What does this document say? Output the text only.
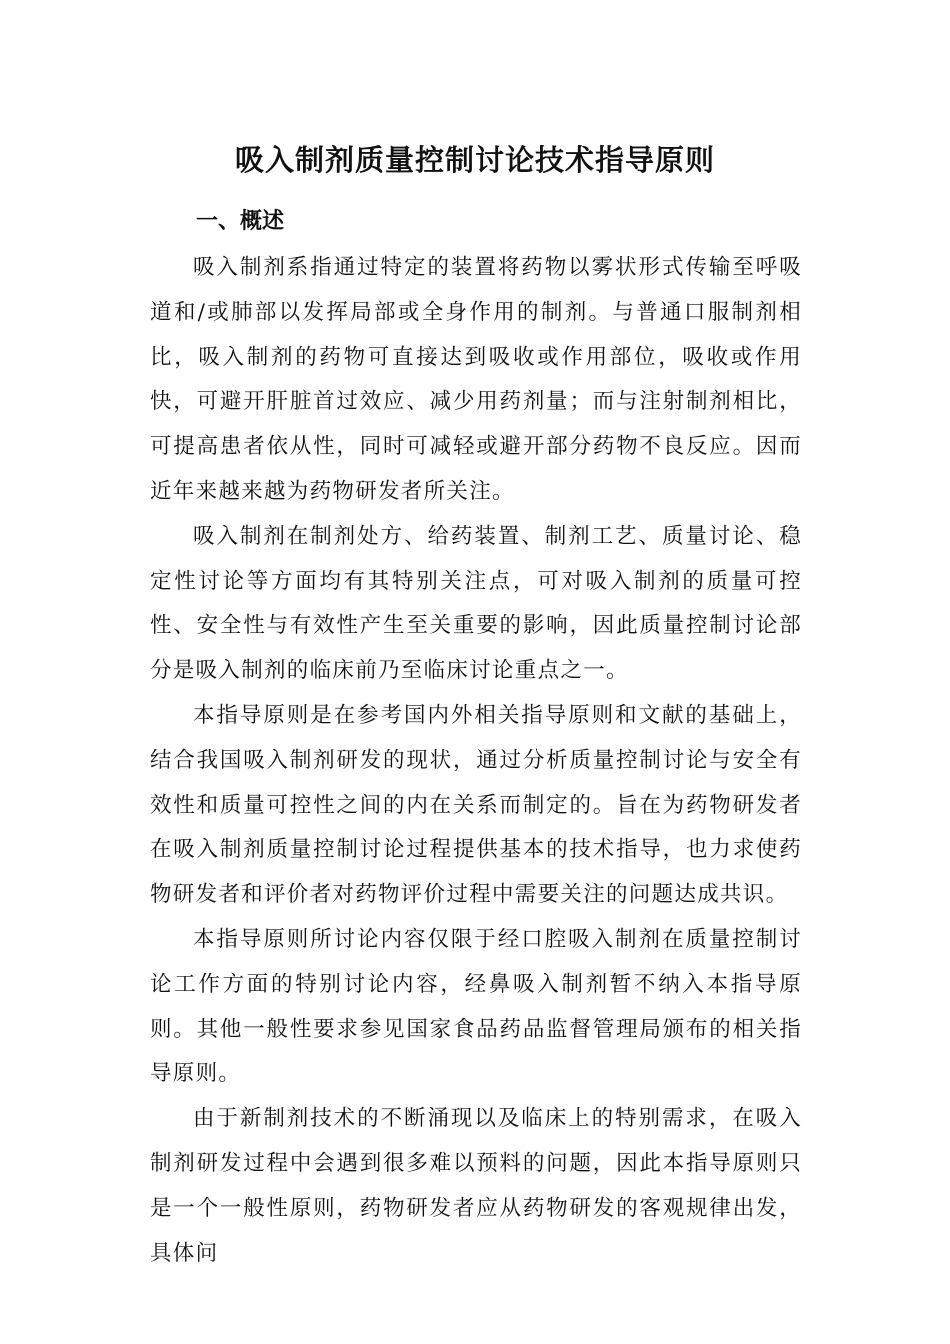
吸入制剂质量控制讨论技术指导原则
一、概述

吸入制剂系指通过特定的装置将药物以雾状形式传输至呼吸道和/或肺部以发挥局部或全身作用的制剂。与普通口服制剂相比，吸入制剂的药物可直接达到吸收或作用部位，吸收或作用快，可避开肝脏首过效应、减少用药剂量；而与注射制剂相比，可提高患者依从性，同时可减轻或避开部分药物不良反应。因而近年来越来越为药物研发者所关注。

吸入制剂在制剂处方、给药装置、制剂工艺、质量讨论、稳定性讨论等方面均有其特别关注点，可对吸入制剂的质量可控性、安全性与有效性产生至关重要的影响，因此质量控制讨论部分是吸入制剂的临床前乃至临床讨论重点之一。

本指导原则是在参考国内外相关指导原则和文献的基础上，结合我国吸入制剂研发的现状，通过分析质量控制讨论与安全有效性和质量可控性之间的内在关系而制定的。旨在为药物研发者在吸入制剂质量控制讨论过程提供基本的技术指导，也力求使药物研发者和评价者对药物评价过程中需要关注的问题达成共识。

本指导原则所讨论内容仅限于经口腔吸入制剂在质量控制讨论工作方面的特别讨论内容，经鼻吸入制剂暂不纳入本指导原则。其他一般性要求参见国家食品药品监督管理局颁布的相关指导原则。

由于新制剂技术的不断涌现以及临床上的特别需求，在吸入制剂研发过程中会遇到很多难以预料的问题，因此本指导原则只是一个一般性原则，药物研发者应从药物研发的客观规律出发，具体问
